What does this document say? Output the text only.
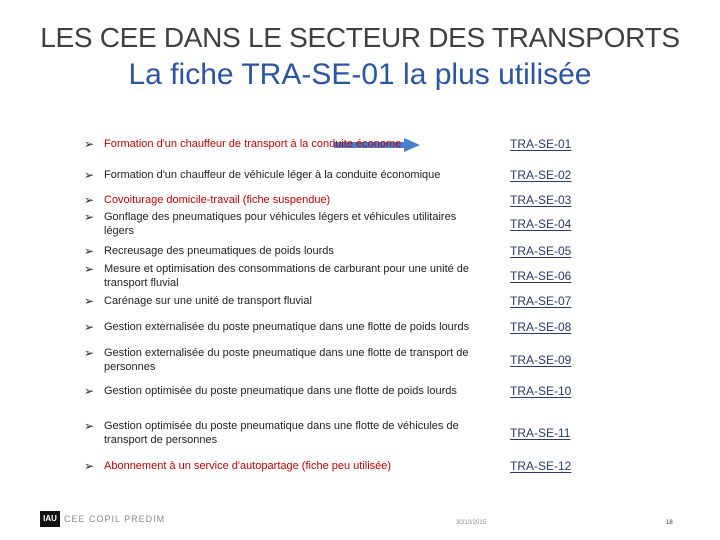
LES CEE DANS LE SECTEUR DES TRANSPORTS
La fiche TRA-SE-01 la plus utilisée
➢ Formation d'un chauffeur de transport à la conduite économe	TRA-SE-01
➢ Formation d'un chauffeur de véhicule léger à la conduite économique	TRA-SE-02
➢ Covoiturage domicile-travail (fiche suspendue)	TRA-SE-03
➢ Gonflage des pneumatiques pour véhicules légers et véhicules utilitaires légers	TRA-SE-04
➢ Recreusage des pneumatiques de poids lourds	TRA-SE-05
➢ Mesure et optimisation des consommations de carburant pour une unité de transport fluvial	TRA-SE-06
➢ Carénage sur une unité de transport fluvial	TRA-SE-07
➢ Gestion externalisée du poste pneumatique dans une flotte de poids lourds	TRA-SE-08
➢ Gestion externalisée du poste pneumatique dans une flotte de transport de personnes	TRA-SE-09
➢ Gestion optimisée du poste pneumatique dans une flotte de poids lourds	TRA-SE-10
➢ Gestion optimisée du poste pneumatique dans une flotte de véhicules de transport de personnes	TRA-SE-11
➢ Abonnement à un service d'autopartage (fiche peu utilisée)	TRA-SE-12
IAU CEE COPIL PREDIM	30/10/2015	18
